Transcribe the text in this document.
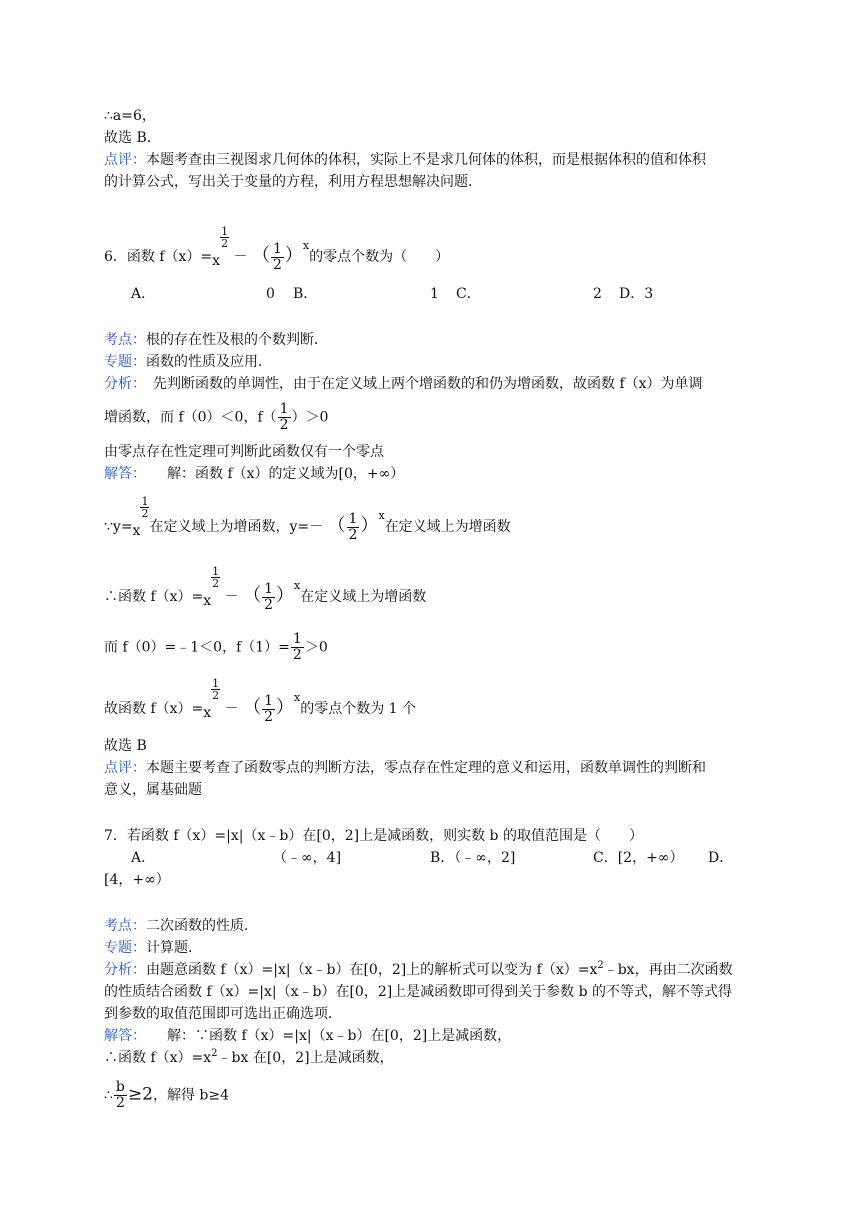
∴a=6，
故选 B．
点评：本题考查由三视图求几何体的体积，实际上不是求几何体的体积，而是根据体积的值和体积
的计算公式，写出关于变量的方程，利用方程思想解决问题．
6．函数 f（x）=x
$\frac{1}{2}$
－ （ $\frac{1}{2} )^x$的零点个数为（　　）
A．	0 B．	1 C．	2 D．3
考点：根的存在性及根的个数判断．
专题：函数的性质及应用．
分析：　 先判断函数的单调性，由于在定义域上两个增函数的和仍为增函数，故函数 f（x）为单调
增函数，而 f（0）＜0，$f( \frac{1}{2} )>0$
由零点存在性定理可判断此函数仅有一个零点
解答：　　 解：函数 f（x）的定义域为[0，+∞）
∵y=x
$\frac{1}{2}$
在定义域上为增函数，y=－ （ $\frac{1}{2} )^x$在定义域上为增函数
∴函数 f（x）=x
$\frac{1}{2}$
－ （ $\frac{1}{2} )^x$在定义域上为增函数
而 f（0）=﹣1＜0，$f(1)= \frac{1}{2} >0$
故函数 f（x）=x
$\frac{1}{2}$
－ （ $\frac{1}{2} )^x$的零点个数为 1 个
故选 B
点评：本题主要考查了函数零点的判断方法，零点存在性定理的意义和运用，函数单调性的判断和
意义，属基础题
7．若函数 f（x）=|x|（x﹣b）在[0，2]上是减函数，则实数 b 的取值范围是（　　）
A．	（﹣∞，4]	B．（﹣∞，2]	C．[2，+∞） D．
[4，+∞）
考点：二次函数的性质．
专题：计算题．
分析：由题意函数 f（x）=|x|（x﹣b）在[0，2]上的解析式可以变为 $f(x)=x^2﹣bx$，再由二次函数
的性质结合函数 f（x）=|x|（x﹣b）在[0，2]上是减函数即可得到关于参数 b 的不等式，解不等式得
到参数的取值范围即可选出正确选项．
解答：　　 解：∵函数 f（x）=|x|（x﹣b）在[0，2]上是减函数，
∴函数 $f(x)=x^2﹣bx$ 在[0，2]上是减函数，
∴ $\frac{b}{2} \ge 2$，解得 b≥4
